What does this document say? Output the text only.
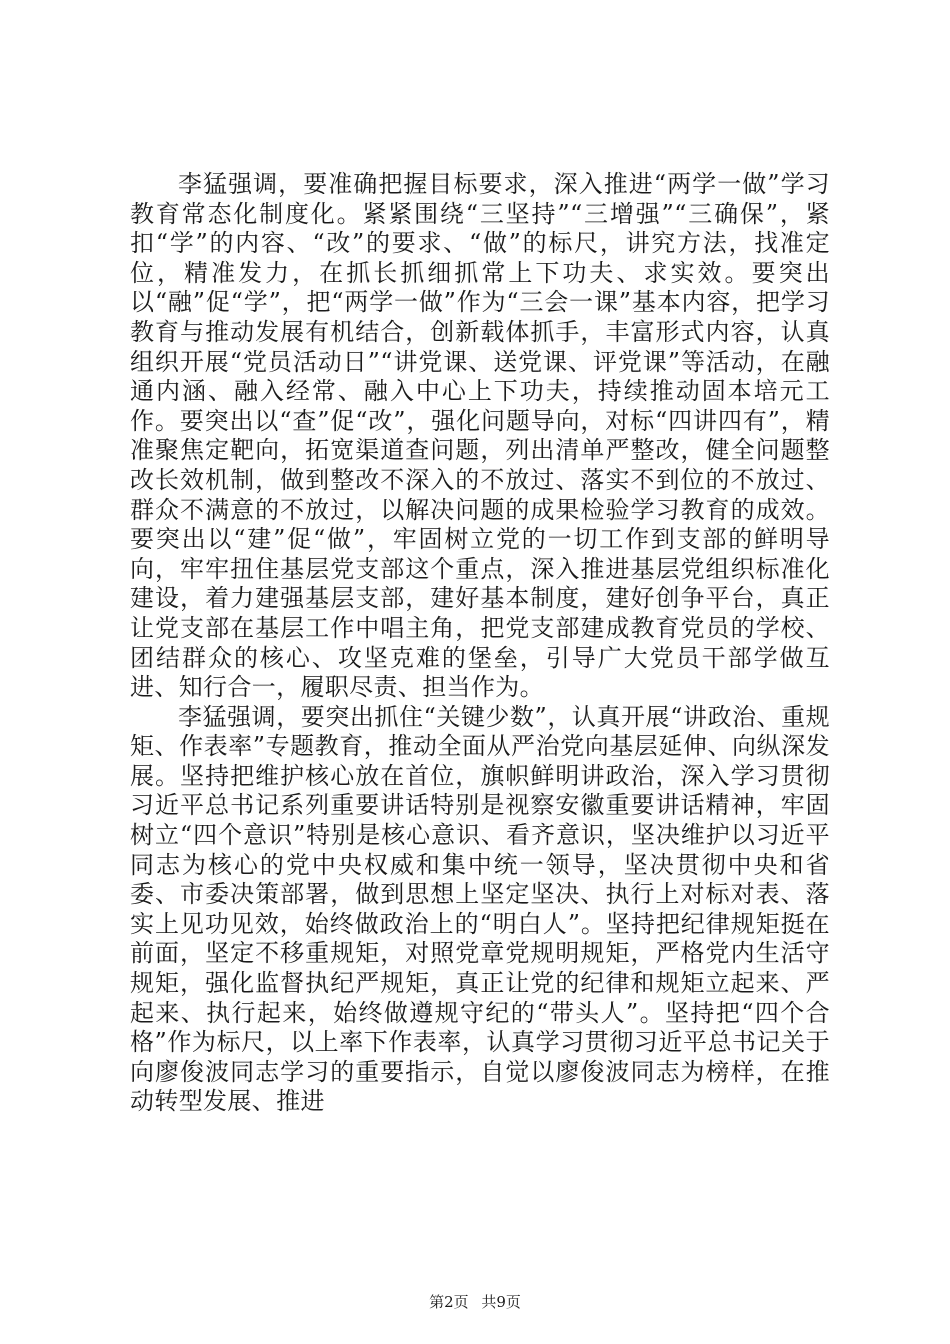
李猛强调，要准确把握目标要求，深入推进“两学一做”学习教育常态化制度化。紧紧围绕“三坚持”“三增强”“三确保”，紧扣“学”的内容、“改”的要求、“做”的标尺，讲究方法，找准定位，精准发力，在抓长抓细抓常上下功夫、求实效。要突出以“融”促“学”，把“两学一做”作为“三会一课”基本内容，把学习教育与推动发展有机结合，创新载体抓手，丰富形式内容，认真组织开展“党员活动日”“讲党课、送党课、评党课”等活动，在融通内涵、融入经常、融入中心上下功夫，持续推动固本培元工作。要突出以“查”促“改”，强化问题导向，对标“四讲四有”，精准聚焦定靶向，拓宽渠道查问题，列出清单严整改，健全问题整改长效机制，做到整改不深入的不放过、落实不到位的不放过、群众不满意的不放过，以解决问题的成果检验学习教育的成效。要突出以“建”促“做”，牢固树立党的一切工作到支部的鲜明导向，牢牢扭住基层党支部这个重点，深入推进基层党组织标准化建设，着力建强基层支部，建好基本制度，建好创争平台，真正让党支部在基层工作中唱主角，把党支部建成教育党员的学校、团结群众的核心、攻坚克难的堡垒，引导广大党员干部学做互进、知行合一，履职尽责、担当作为。

李猛强调，要突出抓住“关键少数”，认真开展“讲政治、重规矩、作表率”专题教育，推动全面从严治党向基层延伸、向纵深发展。坚持把维护核心放在首位，旗帜鲜明讲政治，深入学习贯彻习近平总书记系列重要讲话特别是视察安徽重要讲话精神，牢固树立“四个意识”特别是核心意识、看齐意识，坚决维护以习近平同志为核心的党中央权威和集中统一领导，坚决贯彻中央和省委、市委决策部署，做到思想上坚定坚决、执行上对标对表、落实上见功见效，始终做政治上的“明白人”。坚持把纪律规矩挺在前面，坚定不移重规矩，对照党章党规明规矩，严格党内生活守规矩，强化监督执纪严规矩，真正让党的纪律和规矩立起来、严起来、执行起来，始终做遵规守纪的“带头人”。坚持把“四个合格”作为标尺，以上率下作表率，认真学习贯彻习近平总书记关于向廖俊波同志学习的重要指示，自觉以廖俊波同志为榜样，在推动转型发展、推进

第2页 共9页
